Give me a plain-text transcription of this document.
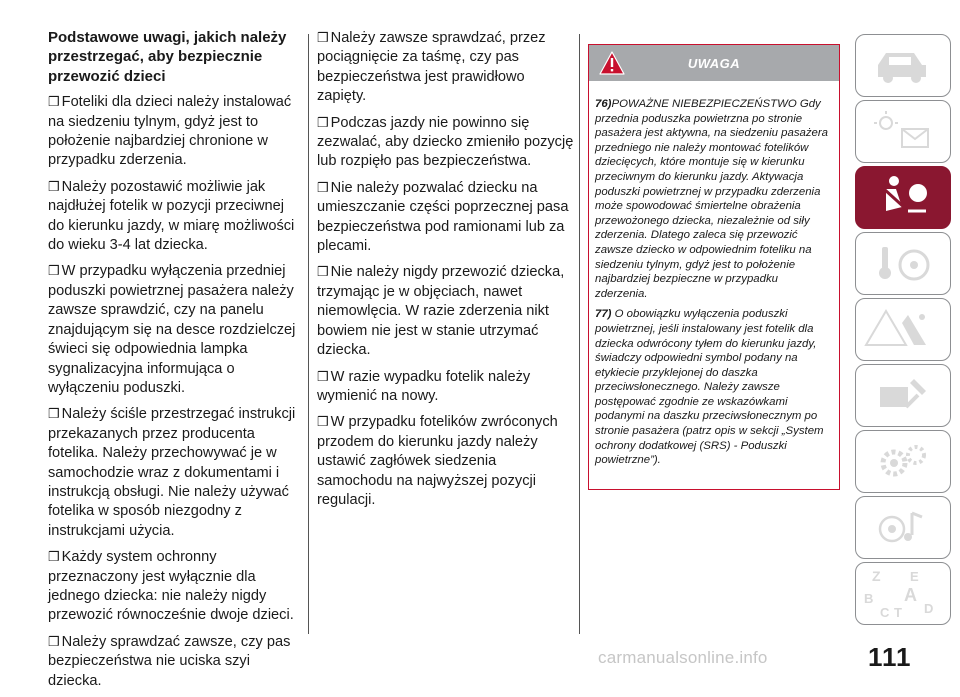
Podstawowe uwagi, jakich należy przestrzegać, aby bezpiecznie przewozić dzieci

❒ Foteliki dla dzieci należy instalować na siedzeniu tylnym, gdyż jest to położenie najbardziej chronione w przypadku zderzenia.

❒ Należy pozostawić możliwie jak najdłużej fotelik w pozycji przeciwnej do kierunku jazdy, w miarę możliwości do wieku 3-4 lat dziecka.

❒ W przypadku wyłączenia przedniej poduszki powietrznej pasażera należy zawsze sprawdzić, czy na panelu znajdującym się na desce rozdzielczej świeci się odpowiednia lampka sygnalizacyjna informująca o wyłączeniu poduszki.

❒ Należy ściśle przestrzegać instrukcji przekazanych przez producenta fotelika. Należy przechowywać je w samochodzie wraz z dokumentami i instrukcją obsługi. Nie należy używać fotelika w sposób niezgodny z instrukcjami użycia.

❒ Każdy system ochronny przeznaczony jest wyłącznie dla jednego dziecka: nie należy nigdy przewozić równocześnie dwoje dzieci.

❒ Należy sprawdzać zawsze, czy pas bezpieczeństwa nie uciska szyi dziecka.

❒ Należy zawsze sprawdzać, przez pociągnięcie za taśmę, czy pas bezpieczeństwa jest prawidłowo zapięty.

❒ Podczas jazdy nie powinno się zezwalać, aby dziecko zmieniło pozycję lub rozpięło pas bezpieczeństwa.

❒ Nie należy pozwalać dziecku na umieszczanie części poprzecznej pasa bezpieczeństwa pod ramionami lub za plecami.

❒ Nie należy nigdy przewozić dziecka, trzymając je w objęciach, nawet niemowlęcia. W razie zderzenia nikt bowiem nie jest w stanie utrzymać dziecka.

❒ W razie wypadku fotelik należy wymienić na nowy.

❒ W przypadku fotelików zwróconych przodem do kierunku jazdy należy ustawić zagłówek siedzenia samochodu na najwyższej pozycji regulacji.

UWAGA

76)POWAŻNE NIEBEZPIECZEŃSTWO Gdy przednia poduszka powietrzna po stronie pasażera jest aktywna, na siedzeniu pasażera przedniego nie należy montować fotelików dziecięcych, które montuje się w kierunku przeciwnym do kierunku jazdy. Aktywacja poduszki powietrznej w przypadku zderzenia może spowodować śmiertelne obrażenia przewożonego dziecka, niezależnie od siły zderzenia. Dlatego zaleca się przewozić zawsze dziecko w odpowiednim foteliku na siedzeniu tylnym, gdyż jest to położenie najbardziej bezpieczne w przypadku zderzenia.

77) O obowiązku wyłączenia poduszki powietrznej, jeśli instalowany jest fotelik dla dziecka odwrócony tyłem do kierunku jazdy, świadczy odpowiedni symbol podany na etykiecie przyklejonej do daszka przeciwsłonecznego. Należy zawsze postępować zgodnie ze wskazówkami podanymi na daszku przeciwsłonecznym po stronie pasażera (patrz opis w sekcji „System ochrony dodatkowej (SRS) - Poduszki powietrzne”).

Z E
B
C T
A
D
111
carmanualsonline.info
